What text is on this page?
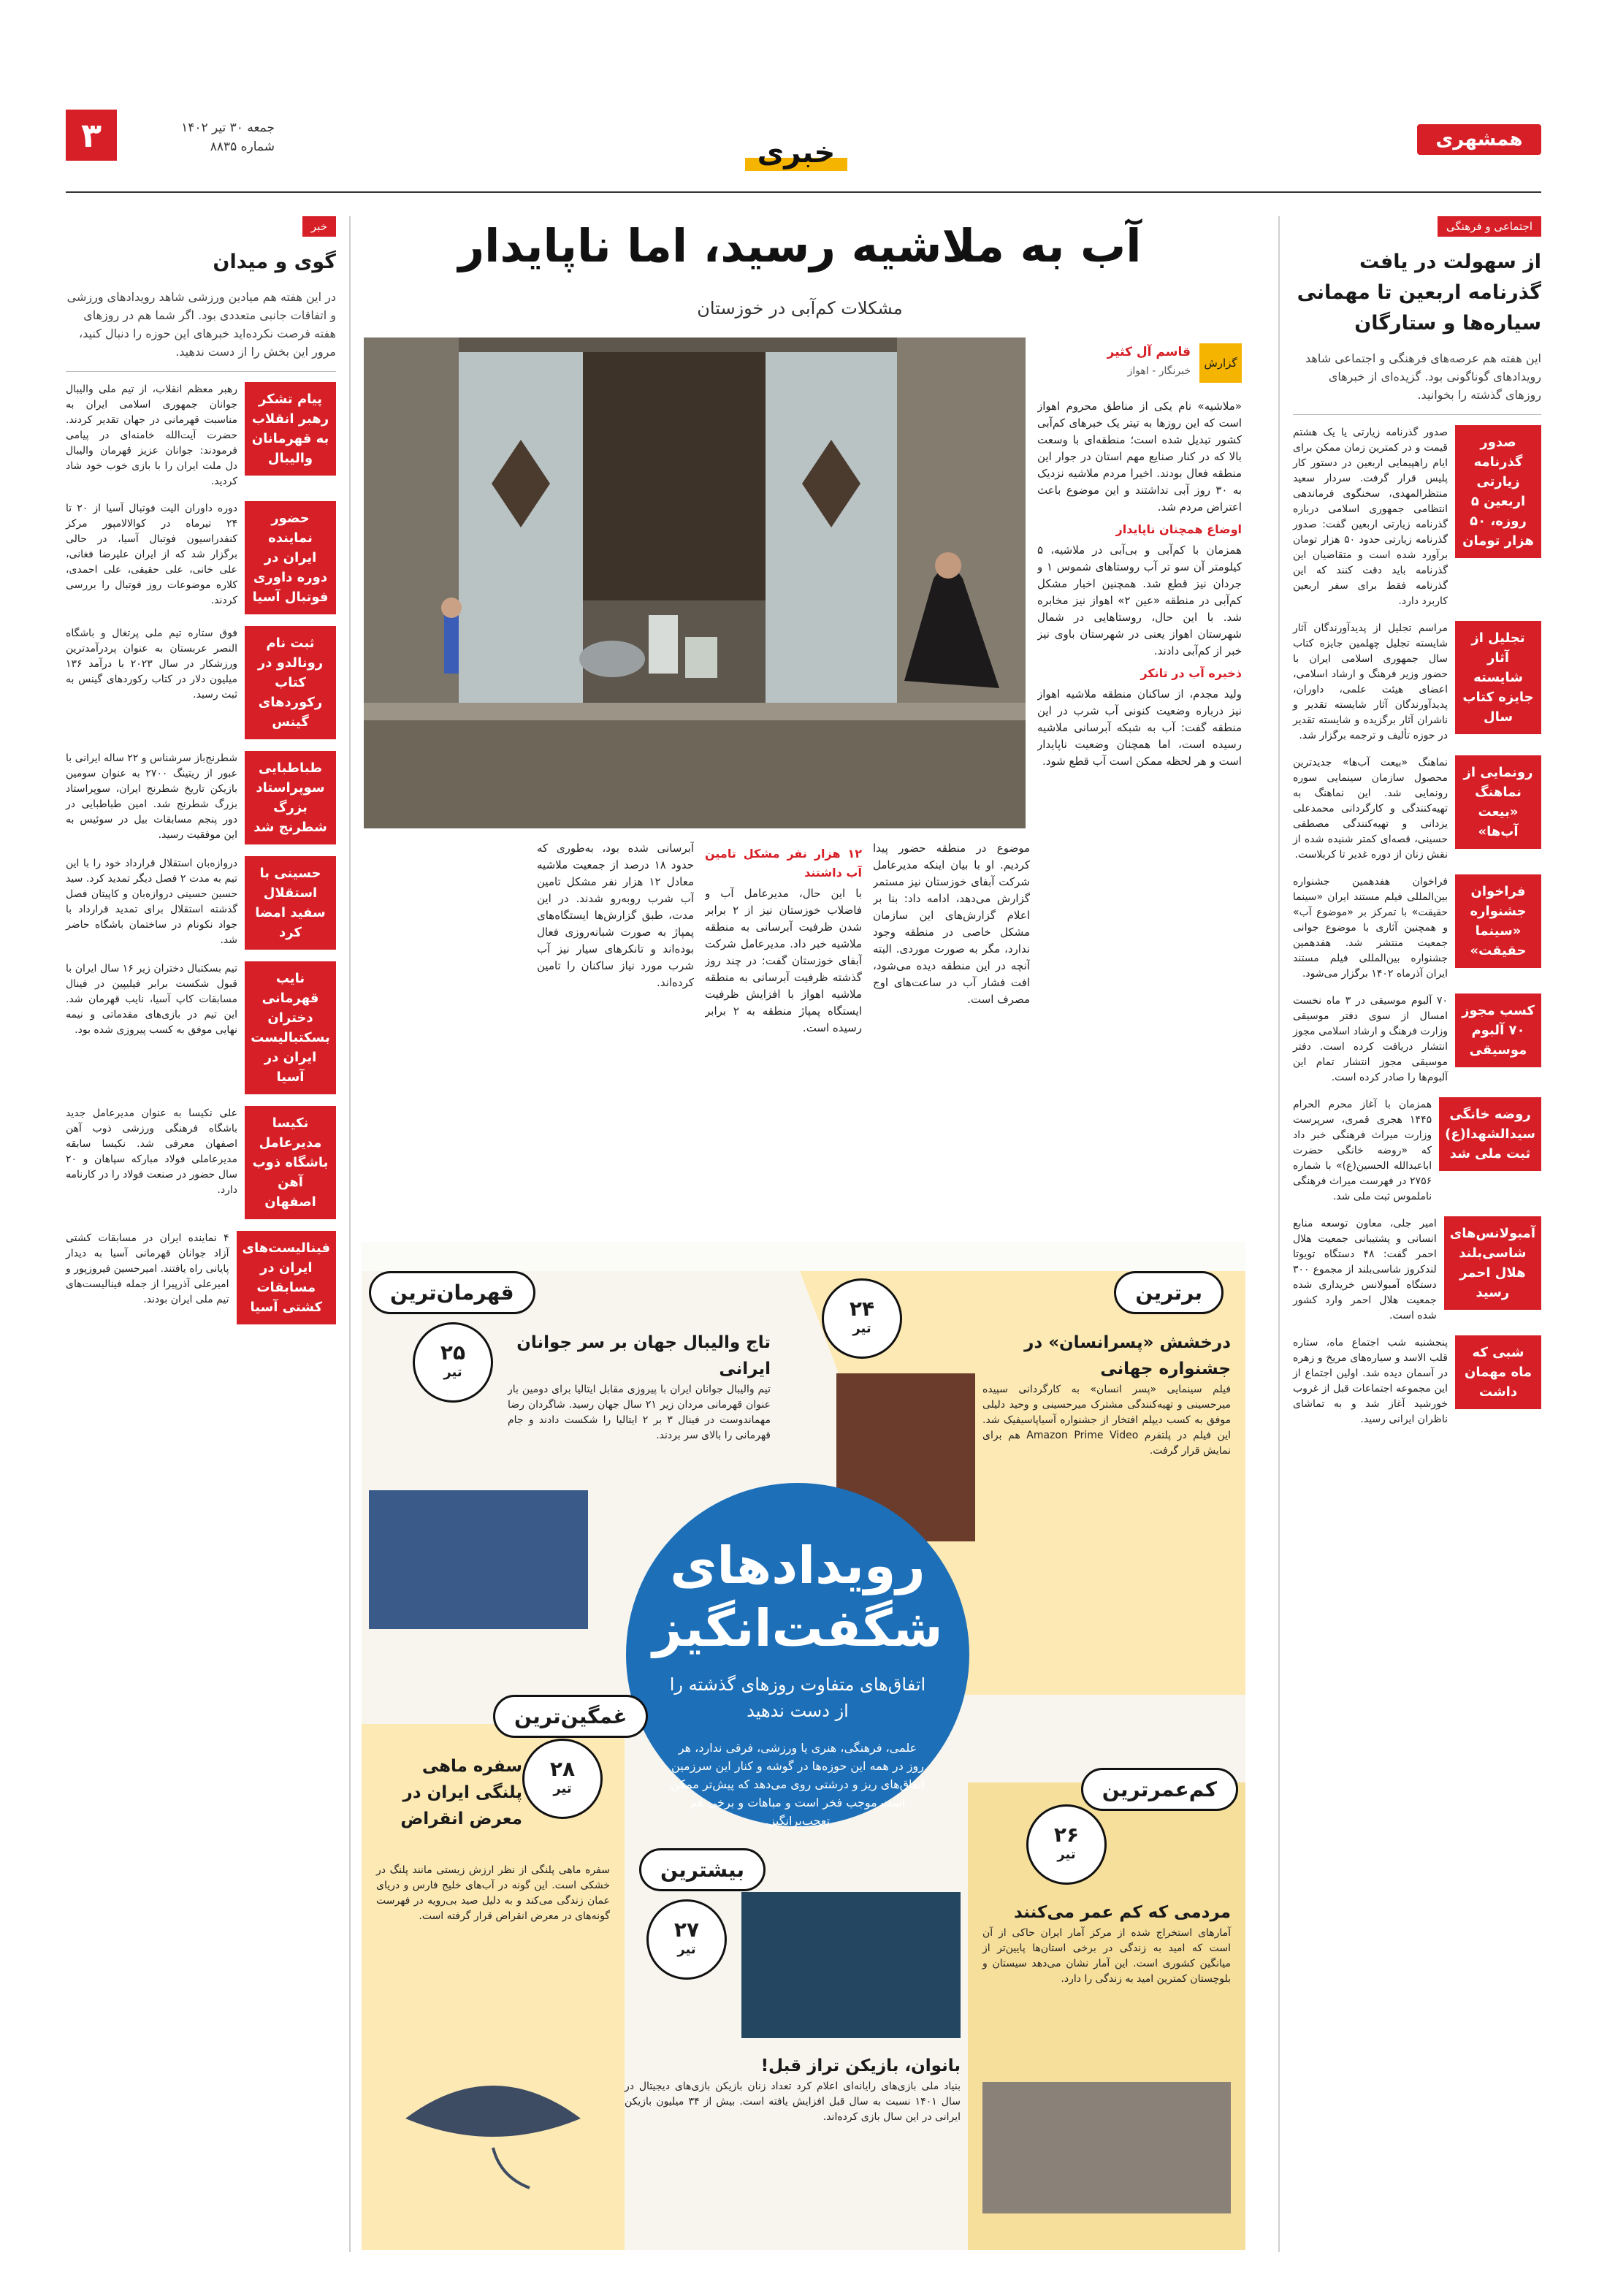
همشهری
خبری
۳	جمعه ۳۰ تیر ۱۴۰۲
شماره ۸۸۳۵
اجتماعی و فرهنگی
از سهولت در یافت گذرنامه اربعین تا مهمانی سیاره‌ها و ستارگان
این هفته هم عرصه‌های فرهنگی و اجتماعی شاهد رویدادهای گوناگونی بود. گزیده‌ای از خبرهای روزهای گذشته را بخوانید.
صدور گذرنامه زیارتی اربعین ۵ روزه، ۵۰ هزار تومان
صدور گذرنامه زیارتی یا یک هشتم قیمت و در کمترین زمان ممکن برای ایام راهپیمایی اربعین در دستور کار پلیس قرار گرفت. سردار سعید منتظرالمهدی، سخنگوی فرماندهی انتظامی جمهوری اسلامی درباره گذرنامه زیارتی اربعین گفت: صدور گذرنامه زیارتی حدود ۵۰ هزار تومان برآورد شده است و متقاضیان این گذرنامه باید دقت کنند که این گذرنامه فقط برای سفر اربعین کاربرد دارد.
تجلیل از آثار شایسته جایزه کتاب سال
مراسم تجلیل از پدیدآورندگان آثار شایسته تجلیل چهلمین جایزه کتاب سال جمهوری اسلامی ایران با حضور وزیر فرهنگ و ارشاد اسلامی، اعضای هیئت علمی، داوران، پدیدآورندگان آثار شایسته تقدیر و ناشران آثار برگزیده و شایسته تقدیر در حوزه تألیف و ترجمه برگزار شد.
رونمایی از نماهنگ «بیعت آب‌ها»
نماهنگ «بیعت آب‌ها» جدیدترین محصول سازمان سینمایی سوره رونمایی شد. این نماهنگ به تهیه‌کنندگی و کارگردانی محمدعلی یزدانی و تهیه‌کنندگی مصطفی حسینی، قصه‌ای کمتر شنیده شده از نقش زنان از دوره غدیر تا کربلاست.
فراخوان جشنواره «سینما حقیقت»
فراخوان هفدهمین جشنواره بین‌المللی فیلم مستند ایران «سینما حقیقت» با تمرکز بر «موضوع آب» و همچنین آثاری با موضوع جوانی جمعیت منتشر شد. هفدهمین جشنواره بین‌المللی فیلم مستند ایران آذرماه ۱۴۰۲ برگزار می‌شود.
کسب مجوز ۷۰ آلبوم موسیقی
۷۰ آلبوم موسیقی در ۳ ماه نخست امسال از سوی دفتر موسیقی وزارت فرهنگ و ارشاد اسلامی مجوز انتشار دریافت کرده است. دفتر موسیقی مجوز انتشار تمام این آلبوم‌ها را صادر کرده است.
روضه خانگی سیدالشهدا(ع) ثبت ملی شد
همزمان با آغاز محرم الحرام ۱۴۴۵ هجری قمری، سرپرست وزارت میراث فرهنگی خبر داد که «روضه خانگی حضرت اباعبدالله الحسین(ع)» با شماره ۲۷۵۶ در فهرست میراث فرهنگی ناملموس ثبت ملی شد.
آمبولانس‌های شاسی‌بلند هلال احمر رسید
امیر جلی، معاون توسعه منابع انسانی و پشتیبانی جمعیت هلال احمر گفت: ۴۸ دستگاه تویوتا لندکروز شاسی‌بلند از مجموع ۳۰۰ دستگاه آمبولانس خریداری شده جمعیت هلال احمر وارد کشور شده است.
شبی که ماه مهمان داشت
پنجشنبه شب اجتماع ماه، ستاره قلب الاسد و سیاره‌های مریخ و زهره در آسمان دیده شد. اولین اجتماع از این مجموعه اجتماعات قبل از غروب خورشید آغاز شد و به تماشای ناظران ایرانی رسید.
خبر
گوی و میدان
در این هفته هم میادین ورزشی شاهد رویدادهای ورزشی و اتفاقات جانبی متعددی بود. اگر شما هم در روزهای هفته فرصت نکرده‌اید خبرهای این حوزه را دنبال کنید، مرور این بخش را از دست ندهید.
پیام تشکر رهبر انقلاب به قهرمانان والیبال
رهبر معظم انقلاب، از تیم ملی والیبال جوانان جمهوری اسلامی ایران به مناسبت قهرمانی در جهان تقدیر کردند. حضرت آیت‌الله خامنه‌ای در پیامی فرمودند: جوانان عزیز قهرمان والیبال دل ملت ایران را با بازی خوب خود شاد کردید.
حضور نماینده ایران در دوره داوری فوتبال آسیا
دوره داوران الیت فوتبال آسیا از ۲۰ تا ۲۴ تیرماه در کوالالامپور مرکز کنفدراسیون فوتبال آسیا، در حالی برگزار شد که از ایران علیرضا فغانی، علی خانی، علی حقیقی، علی احمدی، کلاره موضوعات روز فوتبال را بررسی کردند.
ثبت نام رونالدو در کتاب رکوردهای گینس
فوق ستاره تیم ملی پرتغال و باشگاه النصر عربستان به عنوان پردرآمدترین ورزشکار در سال ۲۰۲۳ با درآمد ۱۳۶ میلیون دلار در کتاب رکوردهای گینس به ثبت رسید.
طباطبایی سوپراستاد بزرگ شطرنج شد
شطرنج‌باز سرشناس و ۲۲ ساله ایرانی با عبور از ریتینگ ۲۷۰۰ به عنوان سومین بازیکن تاریخ شطرنج ایران، سوپراستاد بزرگ شطرنج شد. امین طباطبایی در دور پنجم مسابقات بیل در سوئیس به این موفقیت رسید.
حسینی با استقلال سفید امضا کرد
دروازه‌بان استقلال قرارداد خود را با این تیم به مدت ۲ فصل دیگر تمدید کرد. سید حسین حسینی دروازه‌بان و کاپیتان فصل گذشته استقلال برای تمدید قرارداد با جواد نکونام در ساختمان باشگاه حاضر شد.
نایب قهرمانی دختران بسکتبالیست ایران در آسیا
تیم بسکتبال دختران زیر ۱۶ سال ایران با قبول شکست برابر فیلیپین در فینال مسابقات کاپ آسیا، نایب قهرمان شد. این تیم در بازی‌های مقدماتی و نیمه نهایی موفق به کسب پیروزی شده بود.
نکیسا مدیرعامل باشگاه ذوب آهن اصفهان
علی نکیسا به عنوان مدیرعامل جدید باشگاه فرهنگی ورزشی ذوب آهن اصفهان معرفی شد. نکیسا سابقه مدیرعاملی فولاد مبارکه سپاهان و ۲۰ سال حضور در صنعت فولاد را در کارنامه دارد.
فینالیست‌های ایران در مسابقات کشتی آسیا
۴ نماینده ایران در مسابقات کشتی آزاد جوانان قهرمانی آسیا به دیدار پایانی راه یافتند. امیرحسین فیروزپور و امیرعلی آذرپیرا از جمله فینالیست‌های تیم ملی ایران بودند.
آب به ملاشیه رسید، اما ناپایدار
مشکلات کم‌آبی در خوزستان
گزارش
قاسم آل کثیر
خبرنگار - اهواز

«ملاشیه» نام یکی از مناطق محروم اهواز است که این روزها به تیتر یک خبرهای کم‌آبی کشور تبدیل شده است؛ منطقه‌ای با وسعت بالا که در کنار صنایع مهم استان در جوار این منطقه فعال بودند. اخیرا مردم ملاشیه نزدیک به ۳۰ روز آبی نداشتند و این موضوع باعث اعتراض مردم شد.

اوضاع همچنان ناپایدار

همزمان با کم‌آبی و بی‌آبی در ملاشیه، ۵ کیلومتر آن سو تر آب روستاهای شموس ۱ و جردان نیز قطع شد. همچنین اخبار مشکل کم‌آبی در منطقه «عین ۲» اهواز نیز مخابره شد. با این حال، روستاهایی در شمال شهرستان اهواز یعنی در شهرستان باوی نیز خبر از کم‌آبی دادند.

ذخیره آب در تانکر

ولید مجدم، از ساکنان منطقه ملاشیه اهواز نیز درباره وضعیت کنونی آب شرب در این منطقه گفت: آب به شبکه آبرسانی ملاشیه رسیده است، اما همچنان وضعیت ناپایدار است و هر لحظه ممکن است آب قطع شود.

موضوع در منطقه حضور پیدا کردیم. او با بیان اینکه مدیرعامل شرکت آبفای خوزستان نیز مستمر گزارش می‌دهد، ادامه داد: بنا بر اعلام گزارش‌های این سازمان مشکل خاصی در منطقه وجود ندارد، مگر به صورت موردی. البته آنچه در این منطقه دیده می‌شود، افت فشار آب در ساعت‌های اوج مصرف است.

۱۲ هزار نفر مشکل تامین آب داشتند

با این حال، مدیرعامل آب و فاضلاب خوزستان نیز از ۲ برابر شدن ظرفیت آبرسانی به منطقه ملاشیه خبر داد. مدیرعامل شرکت آبفای خوزستان گفت: در چند روز گذشته ظرفیت آبرسانی به منطقه ملاشیه اهواز با افزایش ظرفیت ایستگاه پمپاژ منطقه به ۲ برابر رسیده است.

آبرسانی شده بود، به‌طوری که حدود ۱۸ درصد از جمعیت ملاشیه معادل ۱۲ هزار نفر مشکل تامین آب شرب روبه‌رو شدند. در این مدت، طبق گزارش‌ها ایستگاه‌های پمپاژ به صورت شبانه‌روزی فعال بوده‌اند و تانکرهای سیار نیز آب شرب مورد نیاز ساکنان را تامین کرده‌اند.

قهرمان‌ترین
۲۵
تیر
تاج والیبال جهان بر سر جوانان ایرانی

تیم والیبال جوانان ایران با پیروزی مقابل ایتالیا برای دومین بار عنوان قهرمانی مردان زیر ۲۱ سال جهان رسید. شاگردان رضا مهماندوست در فینال ۳ بر ۲ ایتالیا را شکست دادند و جام قهرمانی را بالای سر بردند.

برترین
۲۴
تیر
درخشش «پسرانسان» در جشنواره جهانی

فیلم سینمایی «پسر انسان» به کارگردانی سپیده میرحسینی و تهیه‌کنندگی مشترک میرحسینی و وحید دلیلی موفق به کسب دیپلم افتخار از جشنواره آسیاپاسیفیک شد. این فیلم در پلتفرم Amazon Prime Video هم برای نمایش قرار گرفت.

رویدادهای شگفت‌انگیز
اتفاق‌های متفاوت روزهای گذشته را از دست ندهید
علمی، فرهنگی، هنری یا ورزشی، فرقی ندارد، هر روز در همه این حوزه‌ها در گوشه و کنار این سرزمین اتفاق‌های ریز و درشتی روی می‌دهد که پیش‌تر ممکن است موجب فخر است و مباهات و برخی هم تعجب‌برانگیز.
غمگین‌ترین
۲۸
تیر
سفره ماهی پلنگی ایران در معرض انقراض

سفره ماهی پلنگی از نظر ارزش زیستی مانند پلنگ در خشکی است. این گونه در آب‌های خلیج فارس و دریای عمان زندگی می‌کند و به دلیل صید بی‌رویه در فهرست گونه‌های در معرض انقراض قرار گرفته است.

کم‌عمرترین
۲۶
تیر
مردمی که کم عمر می‌کنند

آمارهای استخراج شده از مرکز آمار ایران حاکی از آن است که امید به زندگی در برخی استان‌ها پایین‌تر از میانگین کشوری است. این آمار نشان می‌دهد سیستان و بلوچستان کمترین امید به زندگی را دارد.

بیشترین
۲۷
تیر
بانوان، بازیکن تراز قبل!

بنیاد ملی بازی‌های رایانه‌ای اعلام کرد تعداد زنان بازیکن بازی‌های دیجیتال در سال ۱۴۰۱ نسبت به سال قبل افزایش یافته است. بیش از ۳۴ میلیون بازیکن ایرانی در این سال بازی کرده‌اند.
